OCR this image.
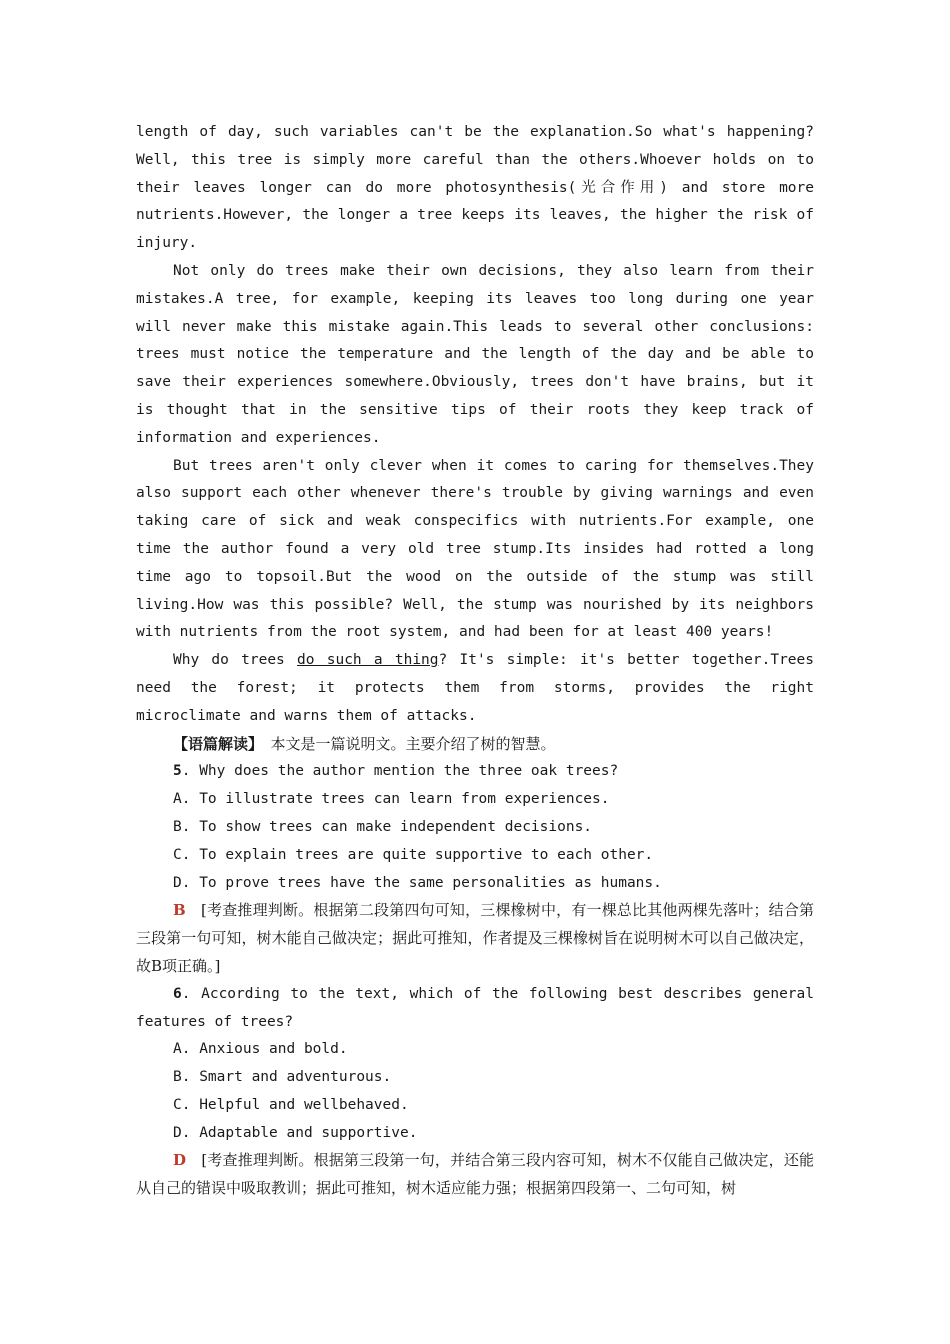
length of day, such variables can't be the explanation.So what's happening? Well, this tree is simply more careful than the others.Whoever holds on to their leaves longer can do more photosynthesis(光合作用) and store more nutrients.However, the longer a tree keeps its leaves, the higher the risk of injury.

Not only do trees make their own decisions, they also learn from their mistakes.A tree, for example, keeping its leaves too long during one year will never make this mistake again.This leads to several other conclusions: trees must notice the temperature and the length of the day and be able to save their experiences somewhere.Obviously, trees don't have brains, but it is thought that in the sensitive tips of their roots they keep track of information and experiences.

But trees aren't only clever when it comes to caring for themselves.They also support each other whenever there's trouble by giving warnings and even taking care of sick and weak conspecifics with nutrients.For example, one time the author found a very old tree stump.Its insides had rotted a long time ago to topsoil.But the wood on the outside of the stump was still living.How was this possible? Well, the stump was nourished by its neighbors with nutrients from the root system, and had been for at least 400 years!

Why do trees do such a thing? It's simple: it's better together.Trees need the forest; it protects them from storms, provides the right microclimate and warns them of attacks.

【语篇解读】　本文是一篇说明文。主要介绍了树的智慧。

5. Why does the author mention the three oak trees?

A. To illustrate trees can learn from experiences.

B. To show trees can make independent decisions.

C. To explain trees are quite supportive to each other.

D. To prove trees have the same personalities as humans.

B　[考查推理判断。根据第二段第四句可知，三棵橡树中，有一棵总比其他两棵先落叶；结合第三段第一句可知，树木能自己做决定；据此可推知，作者提及三棵橡树旨在说明树木可以自己做决定，故B项正确。]

6. According to the text, which of the following best describes general features of trees?

A. Anxious and bold.

B. Smart and adventurous.

C. Helpful and wellbehaved.

D. Adaptable and supportive.

D　[考查推理判断。根据第三段第一句，并结合第三段内容可知，树木不仅能自己做决定，还能从自己的错误中吸取教训；据此可推知，树木适应能力强；根据第四段第一、二句可知，树
